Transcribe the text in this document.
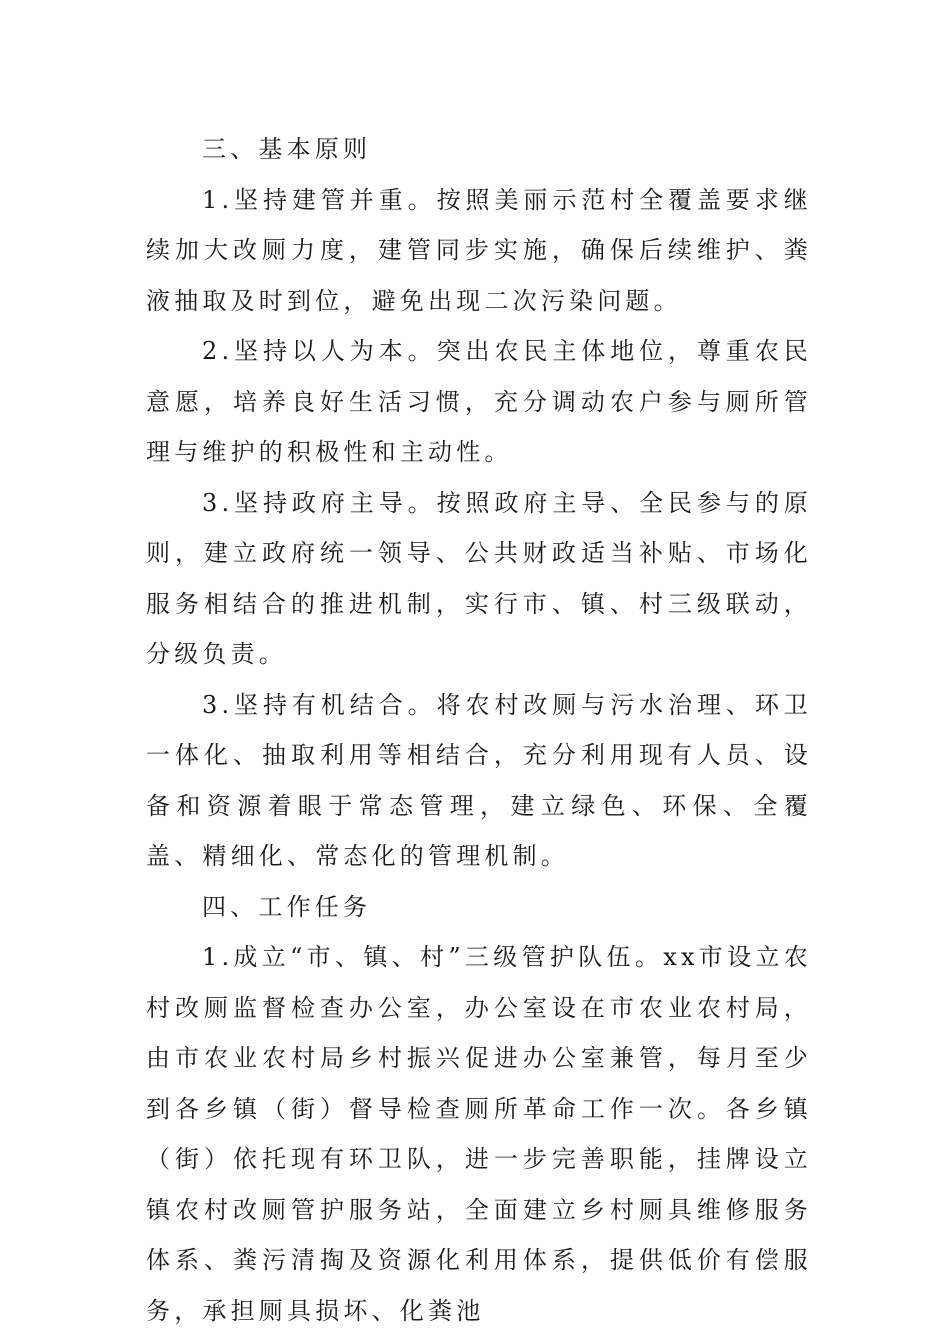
三、基本原则

1.坚持建管并重。按照美丽示范村全覆盖要求继续加大改厕力度，建管同步实施，确保后续维护、粪液抽取及时到位，避免出现二次污染问题。

2.坚持以人为本。突出农民主体地位，尊重农民意愿，培养良好生活习惯，充分调动农户参与厕所管理与维护的积极性和主动性。

3.坚持政府主导。按照政府主导、全民参与的原则，建立政府统一领导、公共财政适当补贴、市场化服务相结合的推进机制，实行市、镇、村三级联动，分级负责。

3.坚持有机结合。将农村改厕与污水治理、环卫一体化、抽取利用等相结合，充分利用现有人员、设备和资源着眼于常态管理，建立绿色、环保、全覆盖、精细化、常态化的管理机制。

四、工作任务

1.成立“市、镇、村”三级管护队伍。xx市设立农村改厕监督检查办公室，办公室设在市农业农村局，由市农业农村局乡村振兴促进办公室兼管，每月至少到各乡镇（街）督导检查厕所革命工作一次。各乡镇（街）依托现有环卫队，进一步完善职能，挂牌设立镇农村改厕管护服务站，全面建立乡村厕具维修服务体系、粪污清掏及资源化利用体系，提供低价有偿服务，承担厕具损坏、化粪池
